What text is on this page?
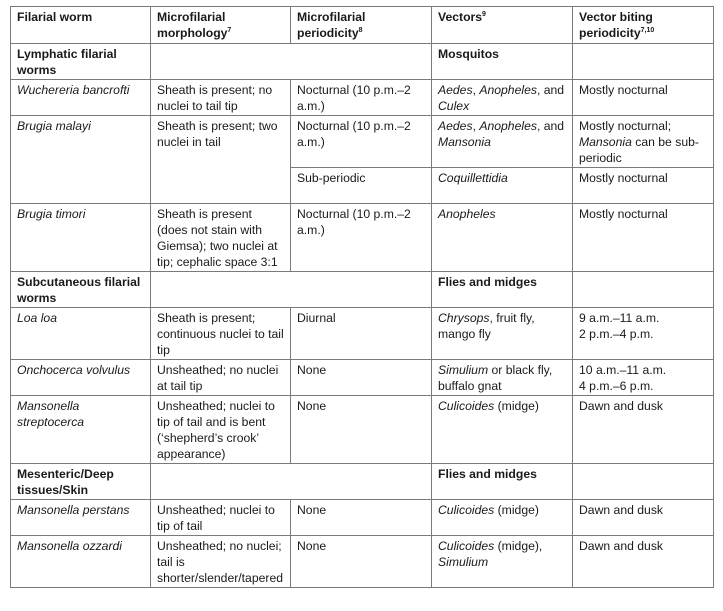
Filarial worm	Microfilarial morphology$^7$	Microfilarial periodicity$^8$	Vectors$^9$	Vector biting periodicity$^{7,10}$
Lymphatic filarial worms			Mosquitos	
Wuchereria bancrofti	Sheath is present; no nuclei to tail tip	Nocturnal (10 p.m.–2 a.m.)	Aedes, Anopheles, and Culex	Mostly nocturnal
Brugia malayi	Sheath is present; two nuclei in tail	Nocturnal (10 p.m.–2 a.m.)	Aedes, Anopheles, and Mansonia	Mostly nocturnal; Mansonia can be sub-periodic
		Sub-periodic	Coquillettidia	Mostly nocturnal
Brugia timori	Sheath is present (does not stain with Giemsa); two nuclei at tip; cephalic space 3:1	Nocturnal (10 p.m.–2 a.m.)	Anopheles	Mostly nocturnal
Subcutaneous filarial worms			Flies and midges	
Loa loa	Sheath is present; continuous nuclei to tail tip	Diurnal	Chrysops, fruit fly, mango fly	9 a.m.–11 a.m.
2 p.m.–4 p.m.
Onchocerca volvulus	Unsheathed; no nuclei at tail tip	None	Simulium or black fly, buffalo gnat	10 a.m.–11 a.m.
4 p.m.–6 p.m.
Mansonella streptocerca	Unsheathed; nuclei to tip of tail and is bent (‘shepherd’s crook’ appearance)	None	Culicoides (midge)	Dawn and dusk
Mesenteric/Deep tissues/Skin			Flies and midges	
Mansonella perstans	Unsheathed; nuclei to tip of tail	None	Culicoides (midge)	Dawn and dusk
Mansonella ozzardi	Unsheathed; no nuclei; tail is shorter/slender/tapered	None	Culicoides (midge), Simulium	Dawn and dusk
